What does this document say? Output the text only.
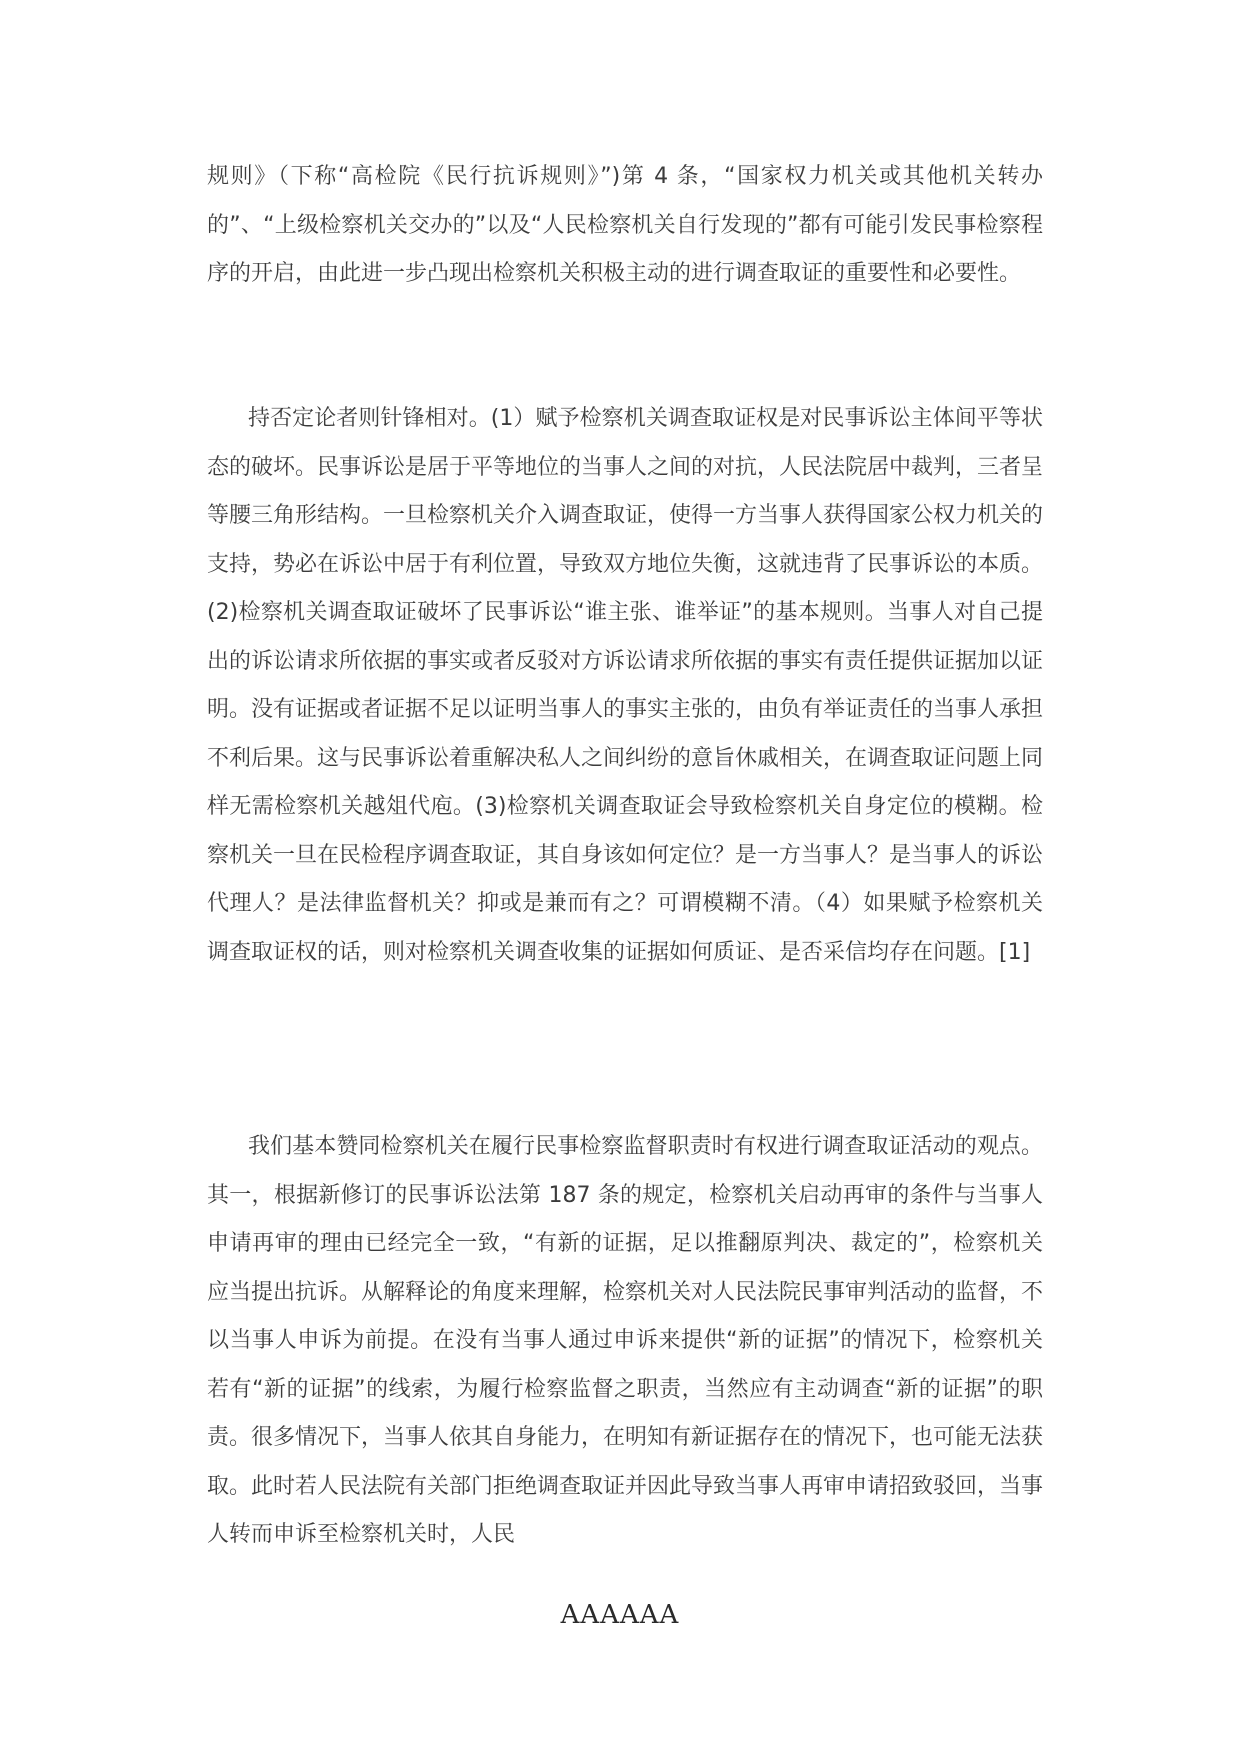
规则》（下称“高检院《民行抗诉规则》”)第 4 条，“国家权力机关或其他机关转办的”、“上级检察机关交办的”以及“人民检察机关自行发现的”都有可能引发民事检察程序的开启，由此进一步凸现出检察机关积极主动的进行调查取证的重要性和必要性。

持否定论者则针锋相对。(1）赋予检察机关调查取证权是对民事诉讼主体间平等状态的破坏。民事诉讼是居于平等地位的当事人之间的对抗，人民法院居中裁判，三者呈等腰三角形结构。一旦检察机关介入调查取证，使得一方当事人获得国家公权力机关的支持，势必在诉讼中居于有利位置，导致双方地位失衡，这就违背了民事诉讼的本质。(2)检察机关调查取证破坏了民事诉讼“谁主张、谁举证”的基本规则。当事人对自己提出的诉讼请求所依据的事实或者反驳对方诉讼请求所依据的事实有责任提供证据加以证明。没有证据或者证据不足以证明当事人的事实主张的，由负有举证责任的当事人承担不利后果。这与民事诉讼着重解决私人之间纠纷的意旨休戚相关，在调查取证问题上同样无需检察机关越俎代庖。(3)检察机关调查取证会导致检察机关自身定位的模糊。检察机关一旦在民检程序调查取证，其自身该如何定位？是一方当事人？是当事人的诉讼代理人？是法律监督机关？抑或是兼而有之？可谓模糊不清。（4）如果赋予检察机关调查取证权的话，则对检察机关调查收集的证据如何质证、是否采信均存在问题。[1]

我们基本赞同检察机关在履行民事检察监督职责时有权进行调查取证活动的观点。其一，根据新修订的民事诉讼法第 187 条的规定，检察机关启动再审的条件与当事人申请再审的理由已经完全一致，“有新的证据，足以推翻原判决、裁定的”，检察机关应当提出抗诉。从解释论的角度来理解，检察机关对人民法院民事审判活动的监督，不以当事人申诉为前提。在没有当事人通过申诉来提供“新的证据”的情况下，检察机关若有“新的证据”的线索，为履行检察监督之职责，当然应有主动调查“新的证据”的职责。很多情况下，当事人依其自身能力，在明知有新证据存在的情况下，也可能无法获取。此时若人民法院有关部门拒绝调查取证并因此导致当事人再审申请招致驳回，当事人转而申诉至检察机关时，人民

AAAAAA
